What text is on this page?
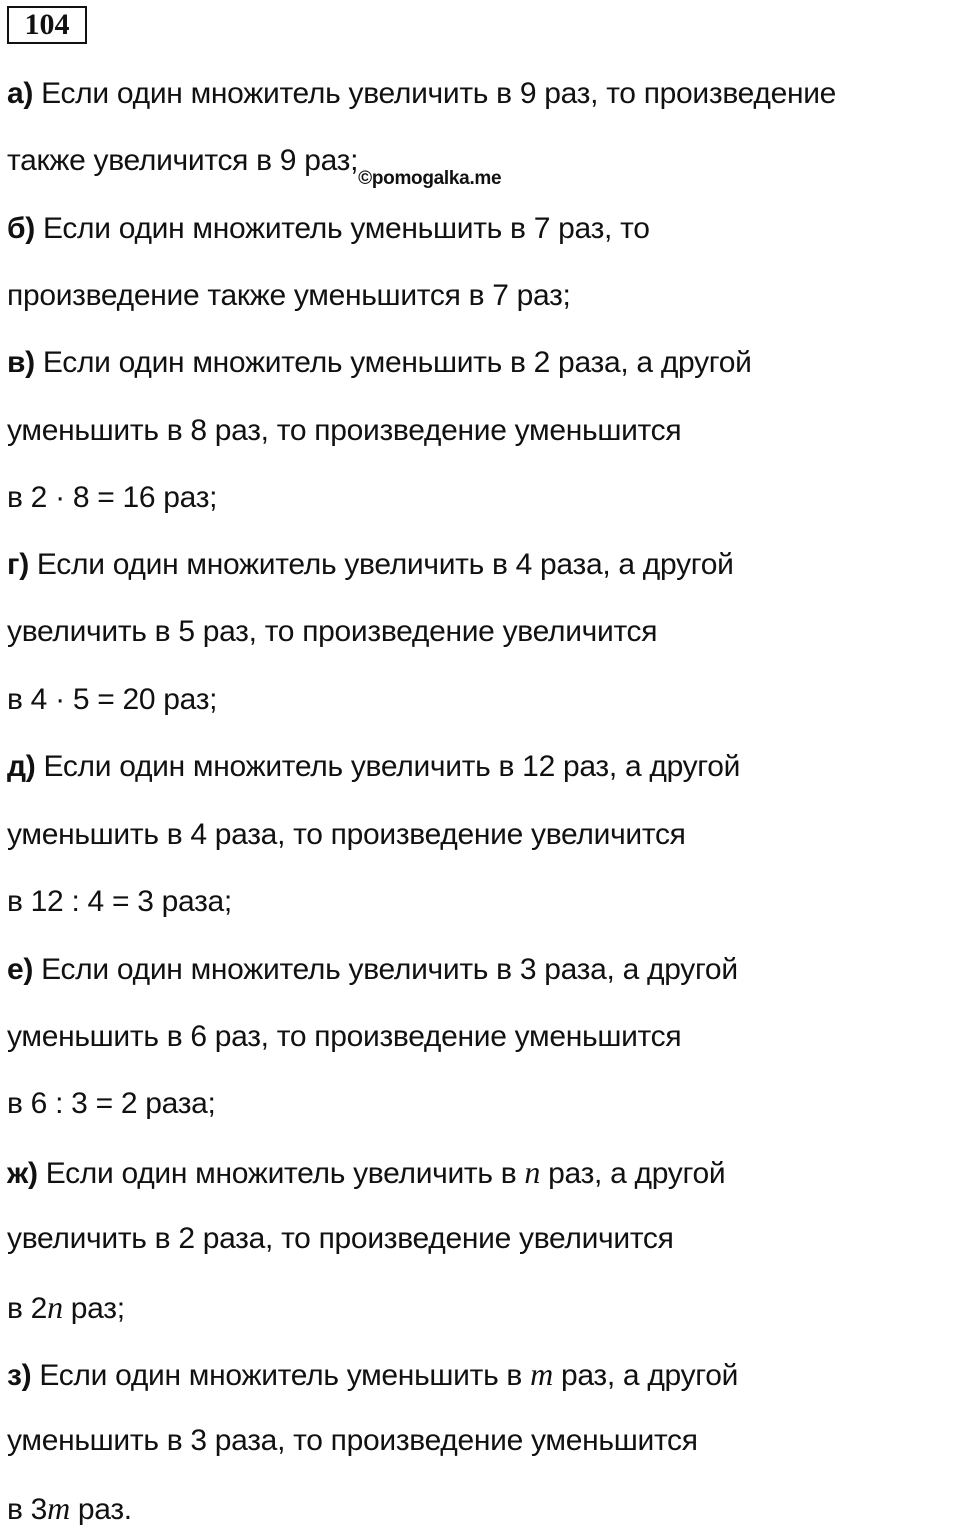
104
а) Если один множитель увеличить в 9 раз, то произведение
также увеличится в 9 $раз;_{©pomogalka.me}$
б) Если один множитель уменьшить в 7 раз, то
произведение также уменьшится в 7 раз;
в) Если один множитель уменьшить в 2 раза, а другой
уменьшить в 8 раз, то произведение уменьшится
в 2 · 8 = 16 раз;
г) Если один множитель увеличить в 4 раза, а другой
увеличить в 5 раз, то произведение увеличится
в 4 · 5 = 20 раз;
д) Если один множитель увеличить в 12 раз, а другой
уменьшить в 4 раза, то произведение увеличится
в 12 : 4 = 3 раза;
е) Если один множитель увеличить в 3 раза, а другой
уменьшить в 6 раз, то произведение уменьшится
в 6 : 3 = 2 раза;
ж) Если один множитель увеличить в n раз, а другой
увеличить в 2 раза, то произведение увеличится
в 2n раз;
з) Если один множитель уменьшить в m раз, а другой
уменьшить в 3 раза, то произведение уменьшится
в 3m раз.
